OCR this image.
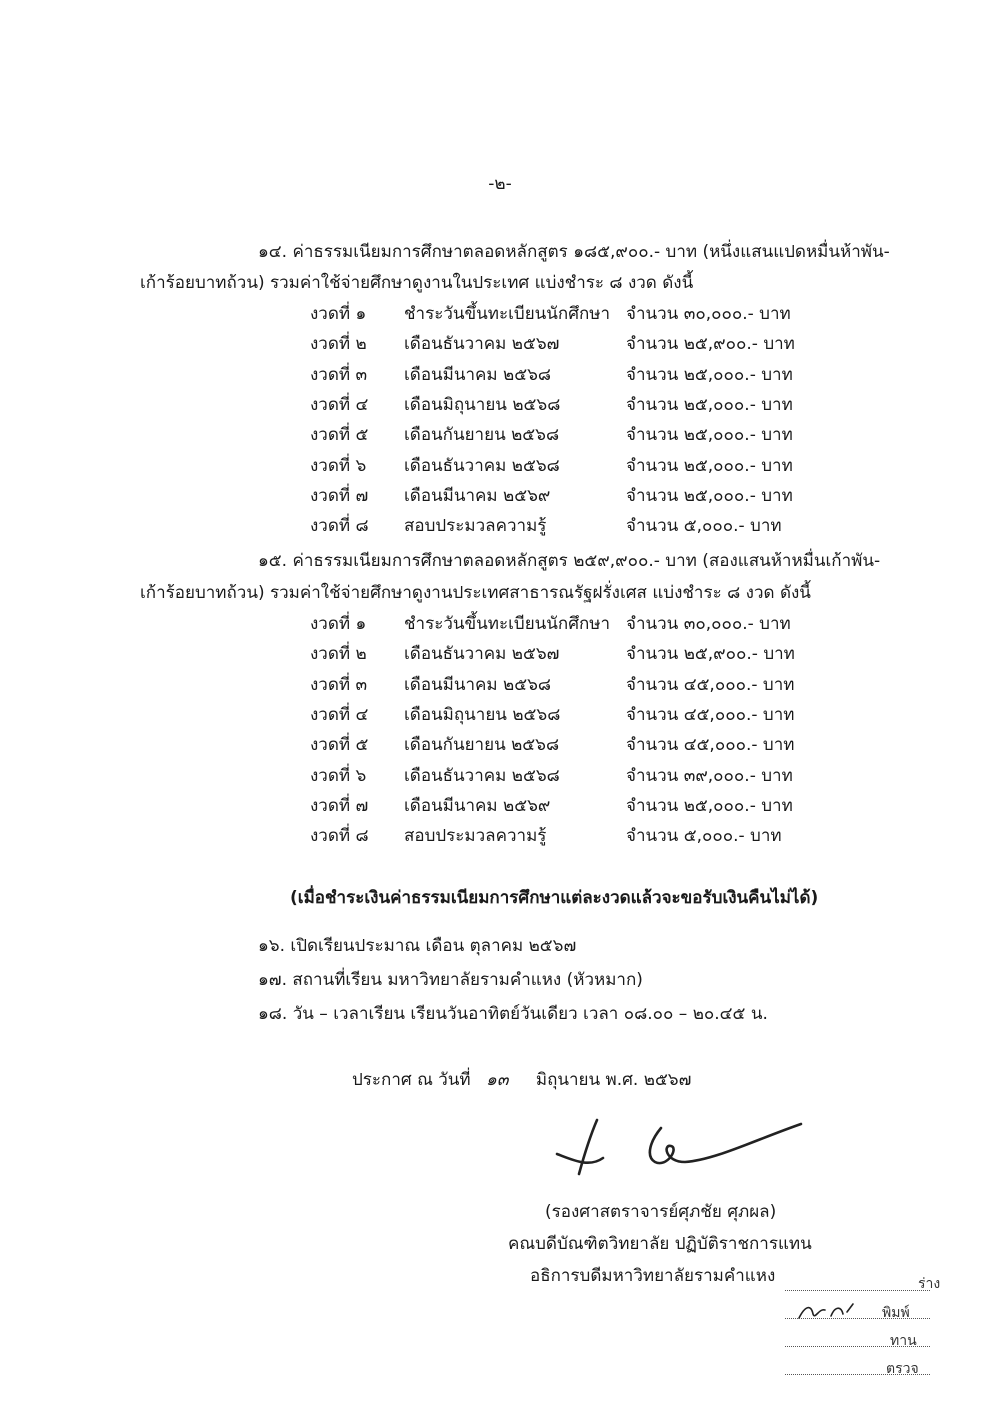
-๒-
๑๔. ค่าธรรมเนียมการศึกษาตลอดหลักสูตร ๑๘๕,๙๐๐.- บาท (หนึ่งแสนแปดหมื่นห้าพัน-
เก้าร้อยบาทถ้วน) รวมค่าใช้จ่ายศึกษาดูงานในประเทศ แบ่งชำระ ๘ งวด ดังนี้
งวดที่ ๑ ชำระวันขึ้นทะเบียนนักศึกษา จำนวน ๓๐,๐๐๐.- บาท
งวดที่ ๒ เดือนธันวาคม ๒๕๖๗	จำนวน ๒๕,๙๐๐.- บาท
งวดที่ ๓ เดือนมีนาคม ๒๕๖๘	จำนวน ๒๕,๐๐๐.- บาท
งวดที่ ๔ เดือนมิถุนายน ๒๕๖๘	จำนวน ๒๕,๐๐๐.- บาท
งวดที่ ๕ เดือนกันยายน ๒๕๖๘	จำนวน ๒๕,๐๐๐.- บาท
งวดที่ ๖ เดือนธันวาคม ๒๕๖๘	จำนวน ๒๕,๐๐๐.- บาท
งวดที่ ๗ เดือนมีนาคม ๒๕๖๙	จำนวน ๒๕,๐๐๐.- บาท
งวดที่ ๘ สอบประมวลความรู้	จำนวน ๕,๐๐๐.- บาท
๑๕. ค่าธรรมเนียมการศึกษาตลอดหลักสูตร ๒๕๙,๙๐๐.- บาท (สองแสนห้าหมื่นเก้าพัน-
เก้าร้อยบาทถ้วน) รวมค่าใช้จ่ายศึกษาดูงานประเทศสาธารณรัฐฝรั่งเศส แบ่งชำระ ๘ งวด ดังนี้
งวดที่ ๑ ชำระวันขึ้นทะเบียนนักศึกษา จำนวน ๓๐,๐๐๐.- บาท
งวดที่ ๒ เดือนธันวาคม ๒๕๖๗	จำนวน ๒๕,๙๐๐.- บาท
งวดที่ ๓ เดือนมีนาคม ๒๕๖๘	จำนวน ๔๕,๐๐๐.- บาท
งวดที่ ๔ เดือนมิถุนายน ๒๕๖๘	จำนวน ๔๕,๐๐๐.- บาท
งวดที่ ๕ เดือนกันยายน ๒๕๖๘	จำนวน ๔๕,๐๐๐.- บาท
งวดที่ ๖ เดือนธันวาคม ๒๕๖๘	จำนวน ๓๙,๐๐๐.- บาท
งวดที่ ๗ เดือนมีนาคม ๒๕๖๙	จำนวน ๒๕,๐๐๐.- บาท
งวดที่ ๘ สอบประมวลความรู้	จำนวน ๕,๐๐๐.- บาท
(เมื่อชำระเงินค่าธรรมเนียมการศึกษาแต่ละงวดแล้วจะขอรับเงินคืนไม่ได้)
๑๖. เปิดเรียนประมาณ เดือน ตุลาคม ๒๕๖๗
๑๗. สถานที่เรียน มหาวิทยาลัยรามคำแหง (หัวหมาก)
๑๘. วัน – เวลาเรียน เรียนวันอาทิตย์วันเดียว เวลา ๐๘.๐๐ – ๒๐.๔๕ น.
ประกาศ ณ วันที่ ๑๓ มิถุนายน พ.ศ. ๒๕๖๗
(รองศาสตราจารย์ศุภชัย ศุภผล)
คณบดีบัณฑิตวิทยาลัย ปฏิบัติราชการแทน
อธิการบดีมหาวิทยาลัยรามคำแหง	ร่าง
พิมพ์
ทาน
ตรวจ
